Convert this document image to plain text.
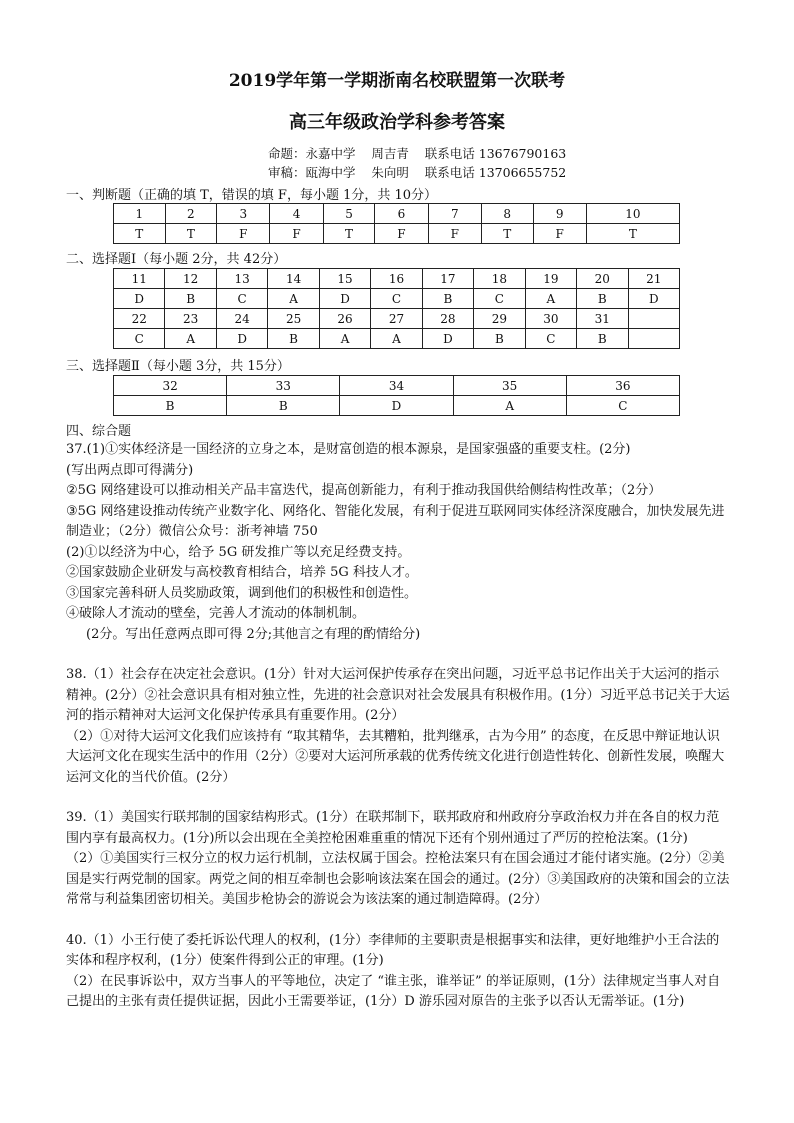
2019学年第一学期浙南名校联盟第一次联考
高三年级政治学科参考答案
命题：永嘉中学    周吉青    联系电话 13676790163
审稿：瓯海中学    朱向明    联系电话 13706655752
一、判断题（正确的填 T，错误的填 F，每小题 1分，共 10分）
1	2	3	4	5	6	7	8	9	10
T	T	F	F	T	F	F	T	F	T
二、选择题Ⅰ（每小题 2分，共 42分）
11	12	13	14	15	16	17	18	19	20	21
D	B	C	A	D	C	B	C	A	B	D
22	23	24	25	26	27	28	29	30	31	
C	A	D	B	A	A	D	B	C	B	
三、选择题Ⅱ（每小题 3分，共 15分）
32	33	34	35	36
B	B	D	A	C
四、综合题

37.(1)①实体经济是一国经济的立身之本，是财富创造的根本源泉，是国家强盛的重要支柱。(2分)

(写出两点即可得满分)

②5G 网络建设可以推动相关产品丰富迭代，提高创新能力，有利于推动我国供给侧结构性改革；（2分）

③5G 网络建设推动传统产业数字化、网络化、智能化发展，有利于促进互联网同实体经济深度融合，加快发展先进制造业；（2分）微信公众号：浙考神墙 750

(2)①以经济为中心，给予 5G 研发推广等以充足经费支持。

②国家鼓励企业研发与高校教育相结合，培养 5G 科技人才。

③国家完善科研人员奖励政策，调到他们的积极性和创造性。

④破除人才流动的壁垒，完善人才流动的体制机制。

(2分。写出任意两点即可得 2分;其他言之有理的酌情给分)

38.（1）社会存在决定社会意识。(1分）针对大运河保护传承存在突出问题，习近平总书记作出关于大运河的指示精神。(2分）②社会意识具有相对独立性，先进的社会意识对社会发展具有积极作用。(1分）习近平总书记关于大运河的指示精神对大运河文化保护传承具有重要作用。(2分）

（2）①对待大运河文化我们应该持有 “取其精华，去其糟粕，批判继承，古为今用” 的态度，在反思中辩证地认识大运河文化在现实生活中的作用（2分）②要对大运河所承载的优秀传统文化进行创造性转化、创新性发展，唤醒大运河文化的当代价值。(2分）

39.（1）美国实行联邦制的国家结构形式。(1分）在联邦制下，联邦政府和州政府分享政治权力并在各自的权力范围内享有最高权力。(1分)所以会出现在全美控枪困难重重的情况下还有个别州通过了严厉的控枪法案。(1分)

（2）①美国实行三权分立的权力运行机制，立法权属于国会。控枪法案只有在国会通过才能付诸实施。(2分）②美国是实行两党制的国家。两党之间的相互牵制也会影响该法案在国会的通过。(2分）③美国政府的决策和国会的立法常常与利益集团密切相关。美国步枪协会的游说会为该法案的通过制造障碍。(2分）

40.（1）小王行使了委托诉讼代理人的权利，(1分）李律师的主要职责是根据事实和法律，更好地维护小王合法的实体和程序权利，(1分）使案件得到公正的审理。(1分)

（2）在民事诉讼中，双方当事人的平等地位，决定了 “谁主张，谁举证” 的举证原则，(1分）法律规定当事人对自己提出的主张有责任提供证据，因此小王需要举证，(1分）D 游乐园对原告的主张予以否认无需举证。(1分)
